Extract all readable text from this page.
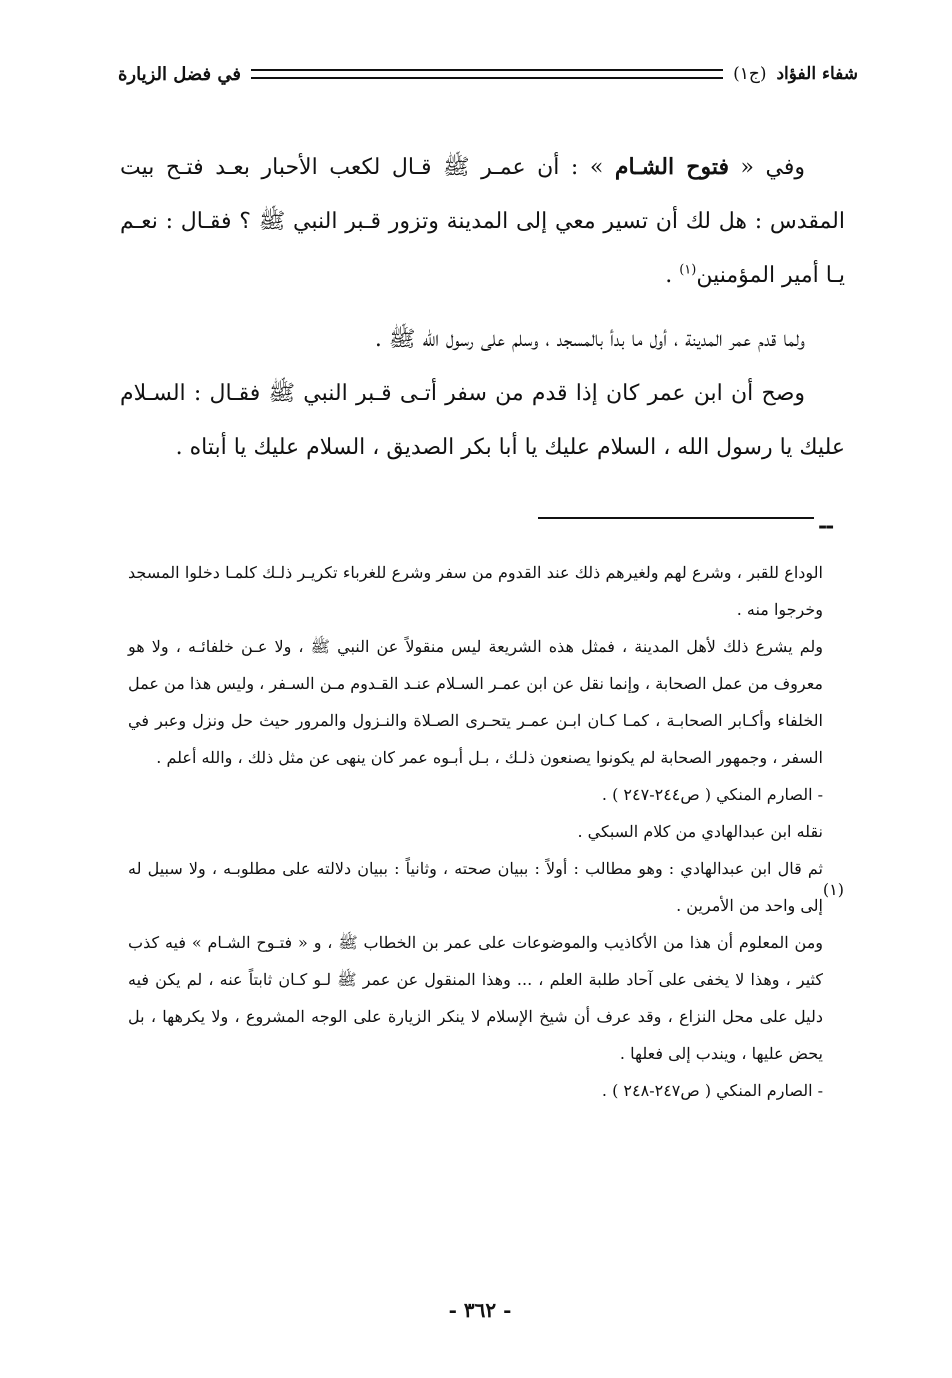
شفاء الفؤاد
(ج١)
في فضل الزيارة

وفي « فتوح الشـام » : أن عمـر ﷺ قـال لكعب الأحبار بعـد فتـح بيت المقدس : هل لك أن تسير معي إلى المدينة وتزور قـبر النبي ﷺ ؟ فقـال : نعـم يـا أمير المؤمنين$^{(١)}$ .

ولما قدم عمر المدينة ، أول ما بدأ بالمسجد ، وسلم على رسول الله ﷺ .

وصح أن ابن عمر كان إذا قدم من سفر أتـى قـبر النبي ﷺ فقـال : السـلام عليك يا رسول الله ، السلام عليك يا أبا بكر الصديق ، السلام عليك يا أبتاه .

--

الوداع للقبر ، وشرع لهم ولغيرهم ذلك عند القدوم من سفر وشرع للغرباء تكريـر ذلـك كلمـا دخلوا المسجد وخرجوا منه .

ولم يشرع ذلك لأهل المدينة ، فمثل هذه الشريعة ليس منقولاً عن النبي ﷺ ، ولا عـن خلفائـه ، ولا هو معروف من عمل الصحابة ، وإنما نقل عن ابن عمـر السـلام عنـد القـدوم مـن السـفر ، وليس هذا من عمل الخلفاء وأكـابر الصحابـة ، كمـا كـان ابـن عمـر يتحـرى الصـلاة والنـزول والمرور حيث حل ونزل وعبر في السفر ، وجمهور الصحابة لم يكونوا يصنعون ذلـك ، بـل أبـوه عمر كان ينهى عن مثل ذلك ، والله أعلم .

- الصارم المنكي ( ص٢٤٤-٢٤٧ ) .

نقله ابن عبدالهادي من كلام السبكي .

ثم قال ابن عبدالهادي : وهو مطالب : أولاً : ببيان صحته ، وثانياً : ببيان دلالته على مطلوبـه ، ولا سبيل له إلى واحد من الأمرين .

ومن المعلوم أن هذا من الأكاذيب والموضوعات على عمر بن الخطاب ﷺ ، و « فتـوح الشـام » فيه كذب كثير ، وهذا لا يخفى على آحاد طلبة العلم ، ... وهذا المنقول عن عمر ﷺ لـو كـان ثابتاً عنه ، لم يكن فيه دليل على محل النزاع ، وقد عرف أن شيخ الإسلام لا ينكر الزيارة على الوجه المشروع ، ولا يكرهها ، بل يحض عليها ، ويندب إلى فعلها .

- الصارم المنكي ( ص٢٤٧-٢٤٨ ) .

(١)
- ٣٦٢ -
